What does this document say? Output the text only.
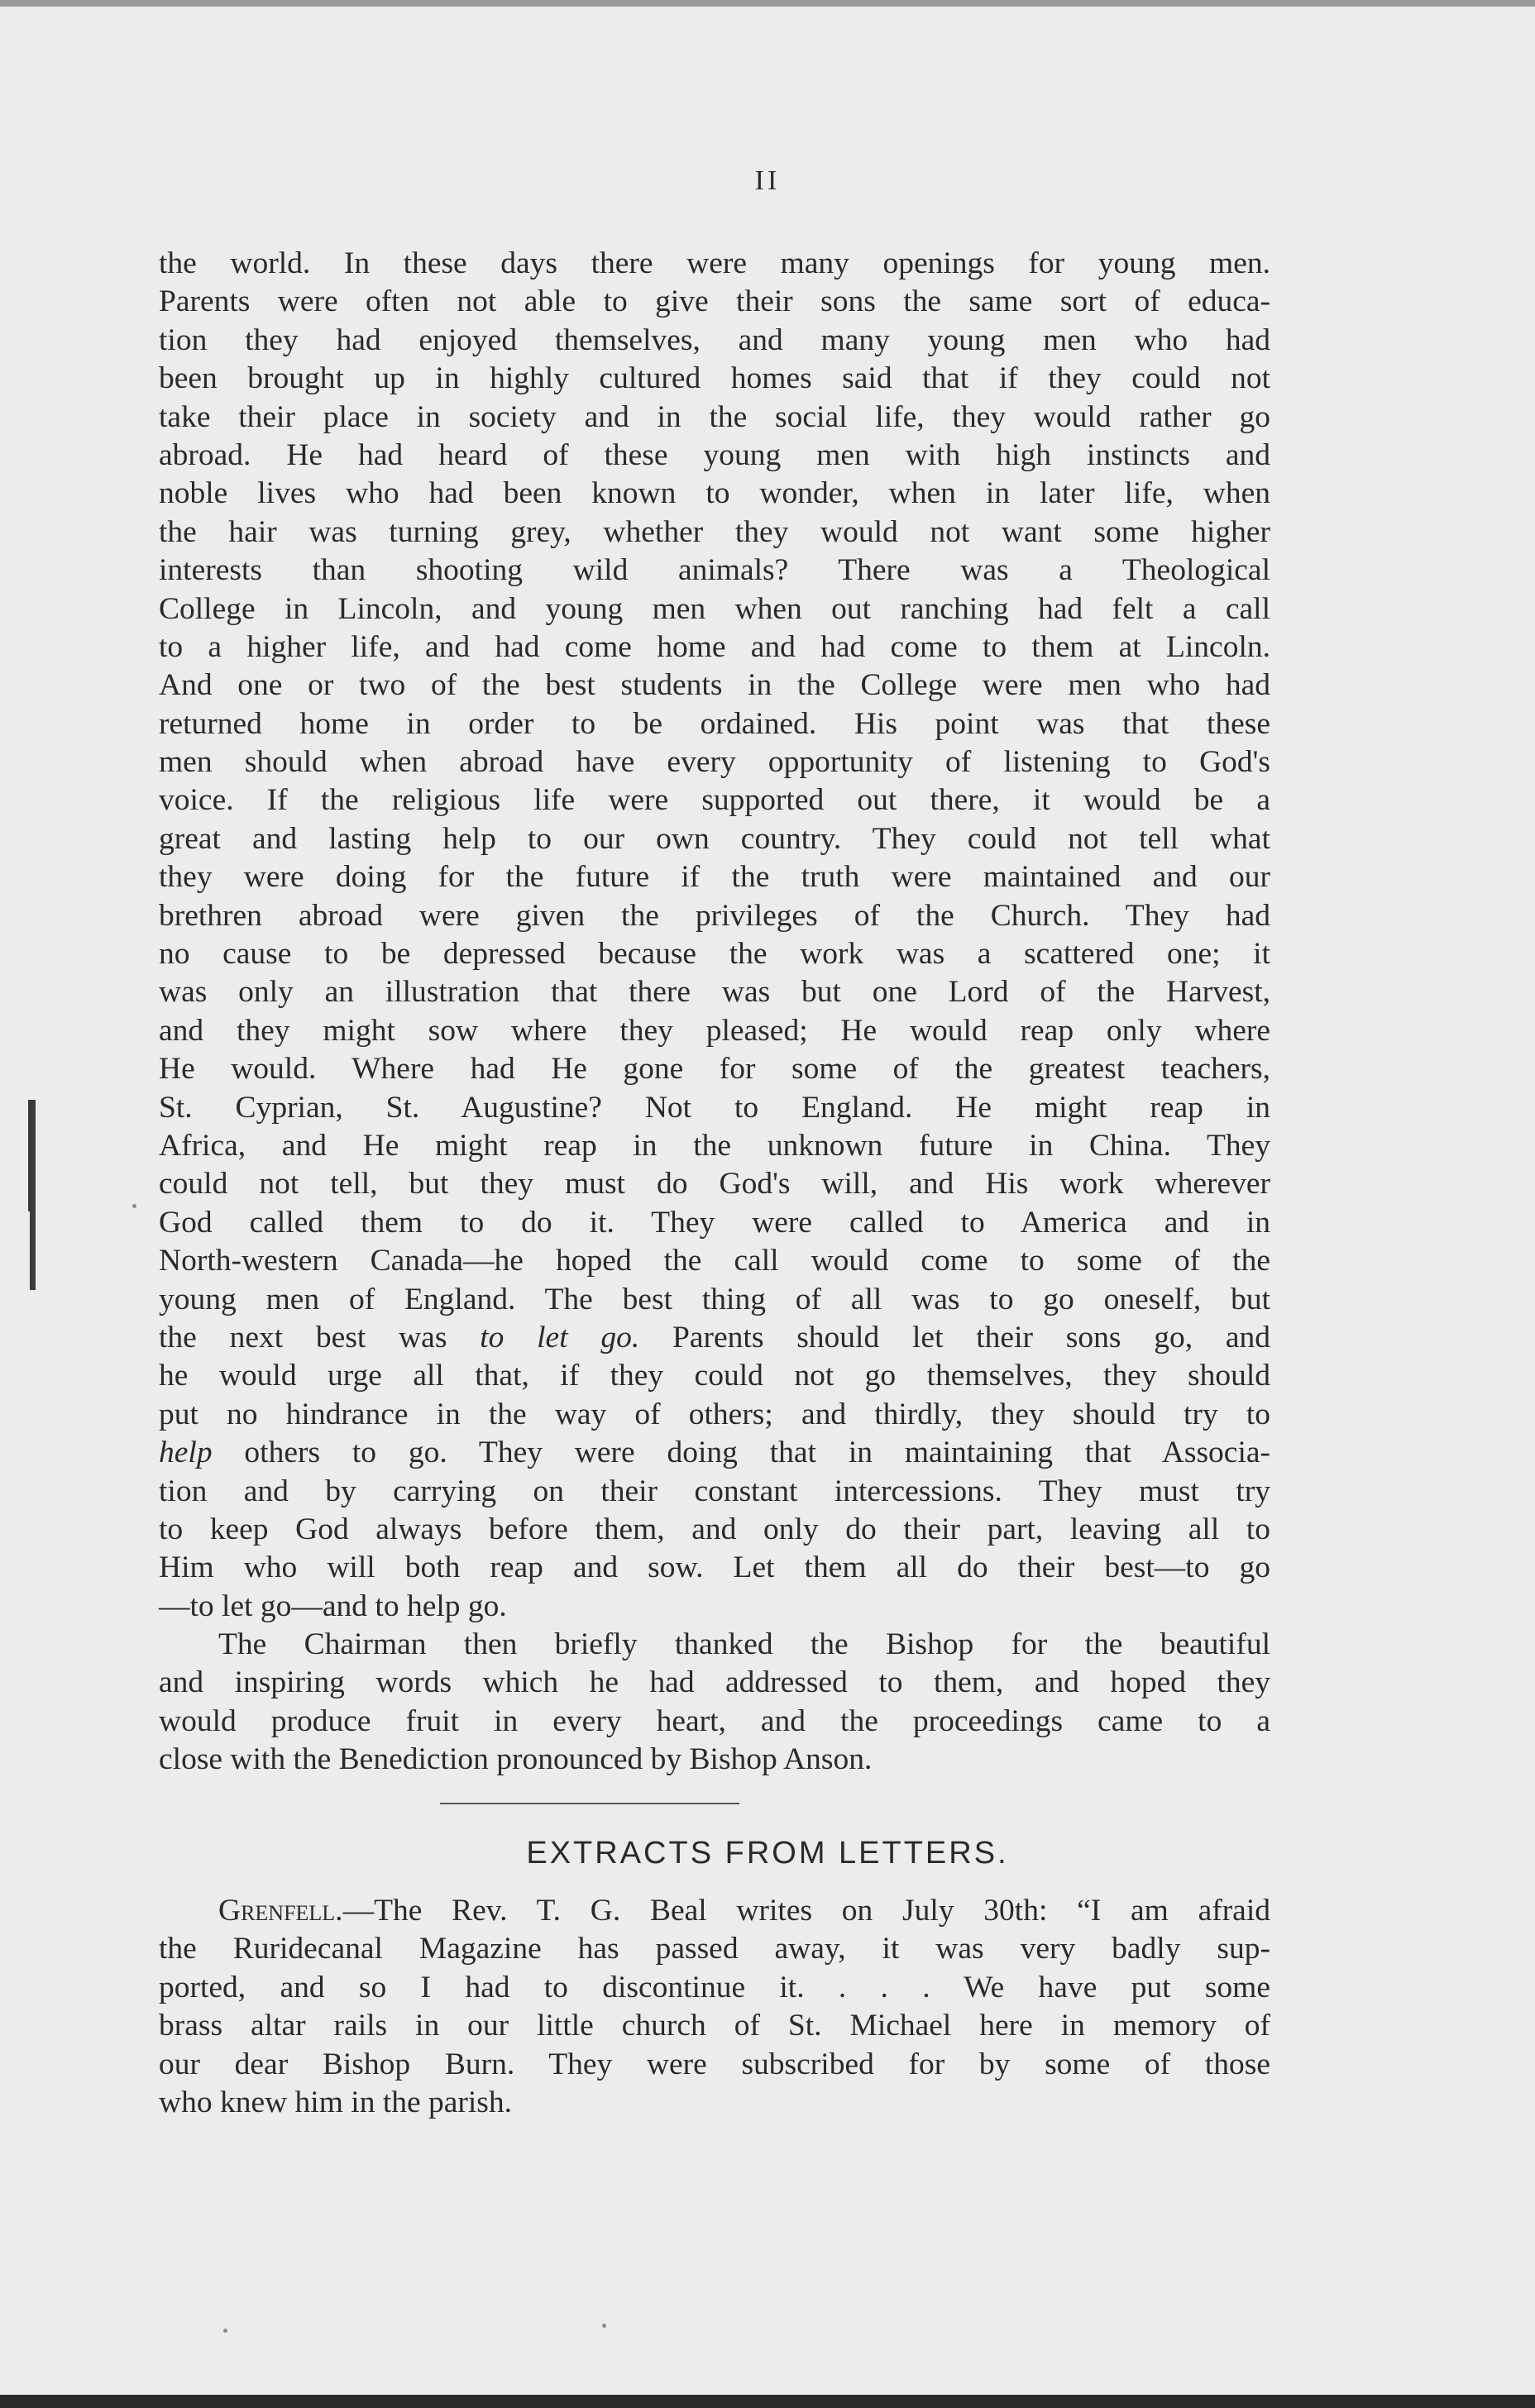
II
the world. In these days there were many openings for young men.
Parents were often not able to give their sons the same sort of educa-
tion they had enjoyed themselves, and many young men who had
been brought up in highly cultured homes said that if they could not
take their place in society and in the social life, they would rather go
abroad. He had heard of these young men with high instincts and
noble lives who had been known to wonder, when in later life, when
the hair was turning grey, whether they would not want some higher
interests than shooting wild animals? There was a Theological
College in Lincoln, and young men when out ranching had felt a call
to a higher life, and had come home and had come to them at Lincoln.
And one or two of the best students in the College were men who had
returned home in order to be ordained. His point was that these
men should when abroad have every opportunity of listening to God's
voice. If the religious life were supported out there, it would be a
great and lasting help to our own country. They could not tell what
they were doing for the future if the truth were maintained and our
brethren abroad were given the privileges of the Church. They had
no cause to be depressed because the work was a scattered one; it
was only an illustration that there was but one Lord of the Harvest,
and they might sow where they pleased; He would reap only where
He would. Where had He gone for some of the greatest teachers,
St. Cyprian, St. Augustine? Not to England. He might reap in
Africa, and He might reap in the unknown future in China. They
could not tell, but they must do God's will, and His work wherever
God called them to do it. They were called to America and in
North-western Canada—he hoped the call would come to some of the
young men of England. The best thing of all was to go oneself, but
the next best was to let go. Parents should let their sons go, and
he would urge all that, if they could not go themselves, they should
put no hindrance in the way of others; and thirdly, they should try to
help others to go. They were doing that in maintaining that Associa-
tion and by carrying on their constant intercessions. They must try
to keep God always before them, and only do their part, leaving all to
Him who will both reap and sow. Let them all do their best—to go
—to let go—and to help go.
The Chairman then briefly thanked the Bishop for the beautiful
and inspiring words which he had addressed to them, and hoped they
would produce fruit in every heart, and the proceedings came to a
close with the Benediction pronounced by Bishop Anson.
EXTRACTS FROM LETTERS.
Grenfell.—The Rev. T. G. Beal writes on July 30th: “I am afraid
the Ruridecanal Magazine has passed away, it was very badly sup-
ported, and so I had to discontinue it. . . . We have put some
brass altar rails in our little church of St. Michael here in memory of
our dear Bishop Burn. They were subscribed for by some of those
who knew him in the parish.
